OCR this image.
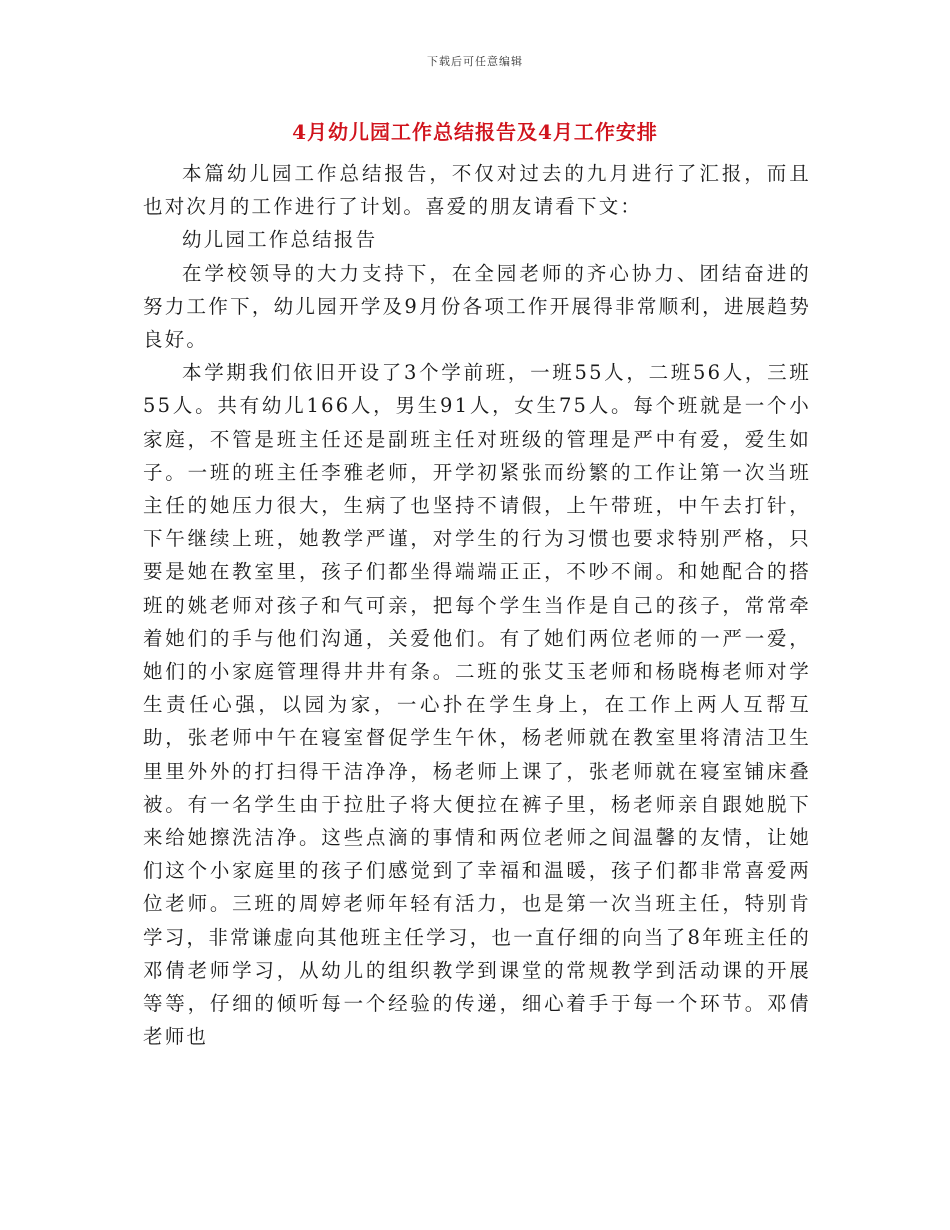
下载后可任意编辑
4月幼儿园工作总结报告及4月工作安排

本篇幼儿园工作总结报告，不仅对过去的九月进行了汇报，而且也对次月的工作进行了计划。喜爱的朋友请看下文：

幼儿园工作总结报告

在学校领导的大力支持下，在全园老师的齐心协力、团结奋进的努力工作下，幼儿园开学及9月份各项工作开展得非常顺利，进展趋势良好。

本学期我们依旧开设了3个学前班，一班55人，二班56人，三班55人。共有幼儿166人，男生91人，女生75人。每个班就是一个小家庭，不管是班主任还是副班主任对班级的管理是严中有爱，爱生如子。一班的班主任李雅老师，开学初紧张而纷繁的工作让第一次当班主任的她压力很大，生病了也坚持不请假，上午带班，中午去打针，下午继续上班，她教学严谨，对学生的行为习惯也要求特别严格，只要是她在教室里，孩子们都坐得端端正正，不吵不闹。和她配合的搭班的姚老师对孩子和气可亲，把每个学生当作是自己的孩子，常常牵着她们的手与他们沟通，关爱他们。有了她们两位老师的一严一爱，她们的小家庭管理得井井有条。二班的张艾玉老师和杨晓梅老师对学生责任心强，以园为家，一心扑在学生身上，在工作上两人互帮互助，张老师中午在寝室督促学生午休，杨老师就在教室里将清洁卫生里里外外的打扫得干洁净净，杨老师上课了，张老师就在寝室铺床叠被。有一名学生由于拉肚子将大便拉在裤子里，杨老师亲自跟她脱下来给她擦洗洁净。这些点滴的事情和两位老师之间温馨的友情，让她们这个小家庭里的孩子们感觉到了幸福和温暖，孩子们都非常喜爱两位老师。三班的周婷老师年轻有活力，也是第一次当班主任，特别肯学习，非常谦虚向其他班主任学习，也一直仔细的向当了8年班主任的邓倩老师学习，从幼儿的组织教学到课堂的常规教学到活动课的开展等等，仔细的倾听每一个经验的传递，细心着手于每一个环节。邓倩老师也
